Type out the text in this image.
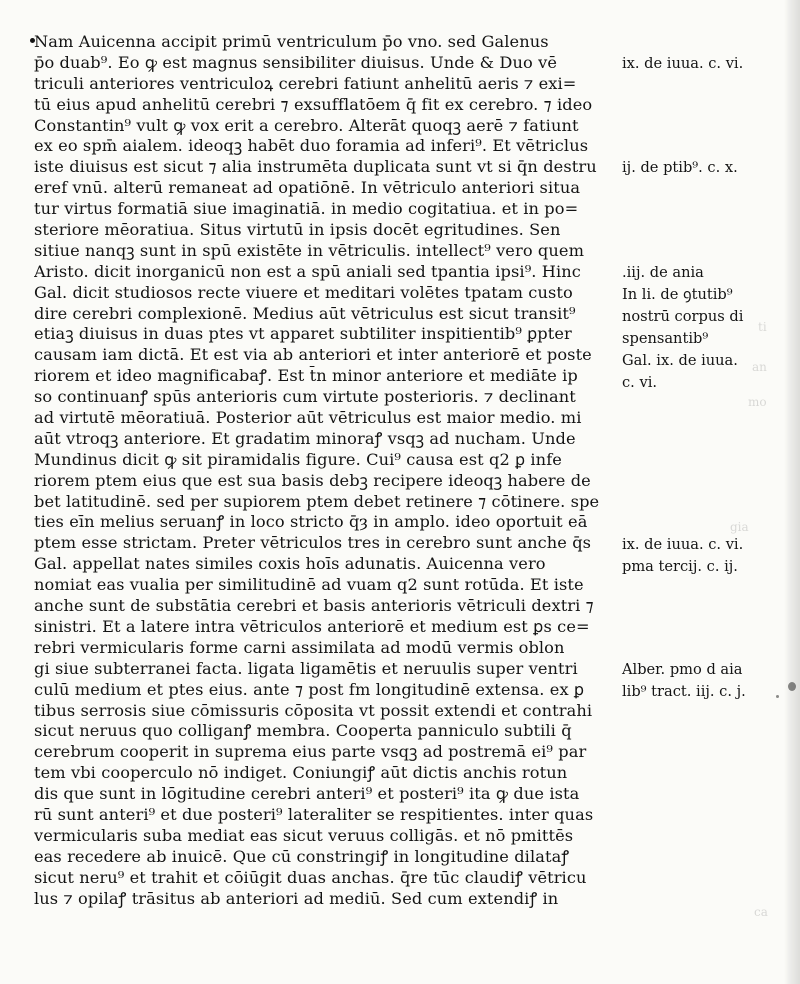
ti
an
mo
gia
ca
Nam Auicenna accipit primū ventriculum p̄o vno. sed Galenus
p̄o duab⁹. Eo ꝙ est magnus sensibiliter diuisus. Unde & Duo vē
triculi anteriores ventriculoꝝ cerebri fatiunt anhelitū aeris ⁊ exi=
tū eius apud anhelitū cerebri ⁊ exsufflatōem q̄ fit ex cerebro. ⁊ ideo
Constantin⁹ vult ꝙ vox erit a cerebro. Alterāt quoqꝫ aerē ⁊ fatiunt
ex eo spm̄ aialem. ideoqꝫ habēt duo foramia ad inferi⁹. Et vētriclus
iste diuisus est sicut ⁊ alia instrumēta duplicata sunt vt si q̄n destru
eref vnū. alterū remaneat ad opatiōnē. In vētriculo anteriori situa
tur virtus formatiā siue imaginatiā. in medio cogitatiua. et in po=
steriore mēoratiua. Situs virtutū in ipsis docēt egritudines. Sen
sitiue nanqꝫ sunt in spū existēte in vētriculis. intellect⁹ vero quem
Aristo. dicit inorganicū non est a spū aniali sed tpantia ipsi⁹. Hinc
Gal. dicit studiosos recte viuere et meditari volētes tpatam custo
dire cerebri complexionē. Medius aūt vētriculus est sicut transit⁹
etiaꝫ diuisus in duas ptes vt apparet subtiliter inspitientib⁹ ꝑpter
causam iam dictā. Et est via ab anteriori et inter anteriorē et poste
riorem et ideo magnificabaꝭ. Est t̄n minor anteriore et mediāte ip
so continuanꝭ spūs anterioris cum virtute posterioris. ⁊ declinant
ad virtutē mēoratiuā. Posterior aūt vētriculus est maior medio. mi
aūt vtroqꝫ anteriore. Et gradatim minoraꝭ vsqꝫ ad nucham. Unde
Mundinus dicit ꝙ sit piramidalis figure. Cui⁹ causa est q2 ꝑ infe
riorem ptem eius que est sua basis debꝫ recipere ideoqꝫ habere de
bet latitudinē. sed per supiorem ptem debet retinere ⁊ cōtinere. spe
ties eīn melius seruanꝭ in loco stricto q̄ȝ in amplo. ideo oportuit eā
ptem esse strictam. Preter vētriculos tres in cerebro sunt anche q̄s
Gal. appellat nates similes coxis hoīs adunatis. Auicenna vero
nomiat eas vualia per similitudinē ad vuam q2 sunt rotūda. Et iste
anche sunt de substātia cerebri et basis anterioris vētriculi dextri ⁊
sinistri. Et a latere intra vētriculos anteriorē et medium est ꝑs ce=
rebri vermicularis forme carni assimilata ad modū vermis oblon
gi siue subterranei facta. ligata ligamētis et neruulis super ventri
culū medium et ptes eius. ante ⁊ post fm longitudinē extensa. ex ꝑ
tibus serrosis siue cōmissuris cōposita vt possit extendi et contrahi
sicut neruus quo colliganꝭ membra. Cooperta panniculo subtili q̄
cerebrum cooperit in suprema eius parte vsqꝫ ad postremā ei⁹ par
tem vbi cooperculo nō indiget. Coniungiꝭ aūt dictis anchis rotun
dis que sunt in lōgitudine cerebri anteri⁹ et posteri⁹ ita ꝙ due ista
rū sunt anteri⁹ et due posteri⁹ lateraliter se respitientes. inter quas
vermicularis suba mediat eas sicut veruus colligās. et nō pmittēs
eas recedere ab inuicē. Que cū constringiꝭ in longitudine dilataꝭ
sicut neru⁹ et trahit et cōiūgit duas anchas. q̄re tūc claudiꝭ vētricu
lus ⁊ opilaꝭ trāsitus ab anteriori ad mediū. Sed cum extendiꝭ in
ix. de iuua. c. vi.
ij. de ptib⁹. c. x.
.iij. de ania
In li. de ꝯtutib⁹
nostrū corpus di
spensantib⁹
Gal. ix. de iuua.
c. vi.
ix. de iuua. c. vi.
pma tercij. c. ij.
Alber. pmo d aia
lib⁹ tract. iij. c. j.
